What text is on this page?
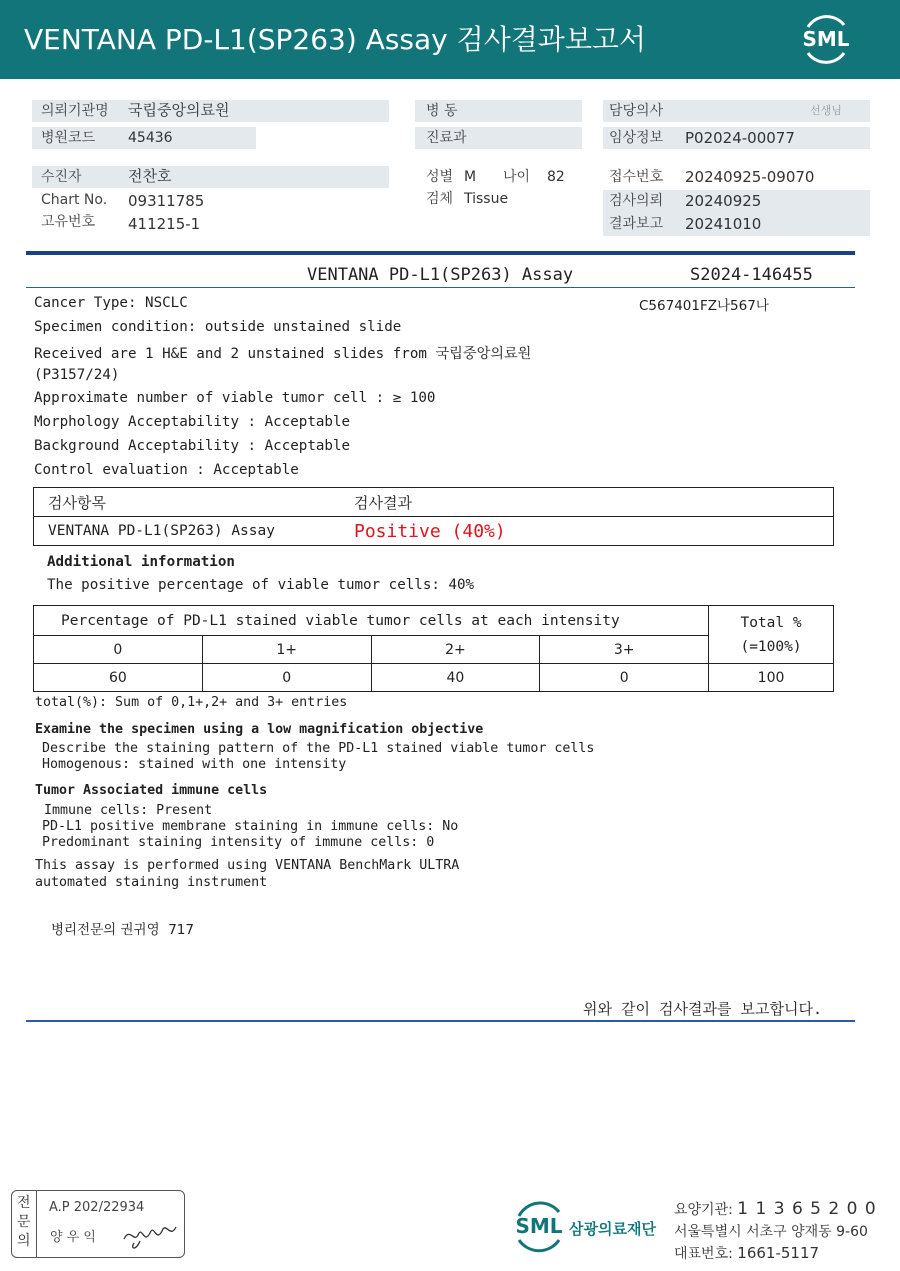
VENTANA PD-L1(SP263) Assay 검사결과보고서	SML
의뢰기관명 국립중앙의료원
병원코드 45436
병 동
진료과
담당의사	선생님
임상정보 P02024-00077
수진자	전찬호
Chart No. 09311785
고유번호 411215-1
성별 M 나이 82
검체 Tissue
접수번호 20240925-09070
검사의뢰 20240925
결과보고 20241010
VENTANA PD-L1(SP263) Assay	S2024-146455
C567401FZ나567나
Cancer Type: NSCLC
Specimen condition: outside unstained slide
Received are 1 H&E and 2 unstained slides from 국립중앙의료원
(P3157/24)
Approximate number of viable tumor cell : ≥ 100
Morphology Acceptability : Acceptable
Background Acceptability : Acceptable
Control evaluation : Acceptable
검사항목	검사결과
VENTANA PD-L1(SP263) Assay	Positive (40%)
Additional information
The positive percentage of viable tumor cells: 40%
Percentage of PD-L1 stained viable tumor cells at each intensity				Total %
(=100%)

0	1+	2+	3+	
60	0	40	0	100
total(%): Sum of 0,1+,2+ and 3+ entries
Examine the specimen using a low magnification objective
Describe the staining pattern of the PD-L1 stained viable tumor cells
Homogenous: stained with one intensity
Tumor Associated immune cells
Immune cells: Present
PD-L1 positive membrane staining in immune cells: No
Predominant staining intensity of immune cells: 0
This assay is performed using VENTANA BenchMark ULTRA
automated staining instrument
병리전문의 권귀영  717
위와 같이 검사결과를 보고합니다.
전
문
의
A.P 202/22934
양 우 익	SML 삼광의료재단
요양기관: 1 1 3 6 5 2 0 0
서울특별시 서초구 양재동 9-60
대표번호: 1661-5117
